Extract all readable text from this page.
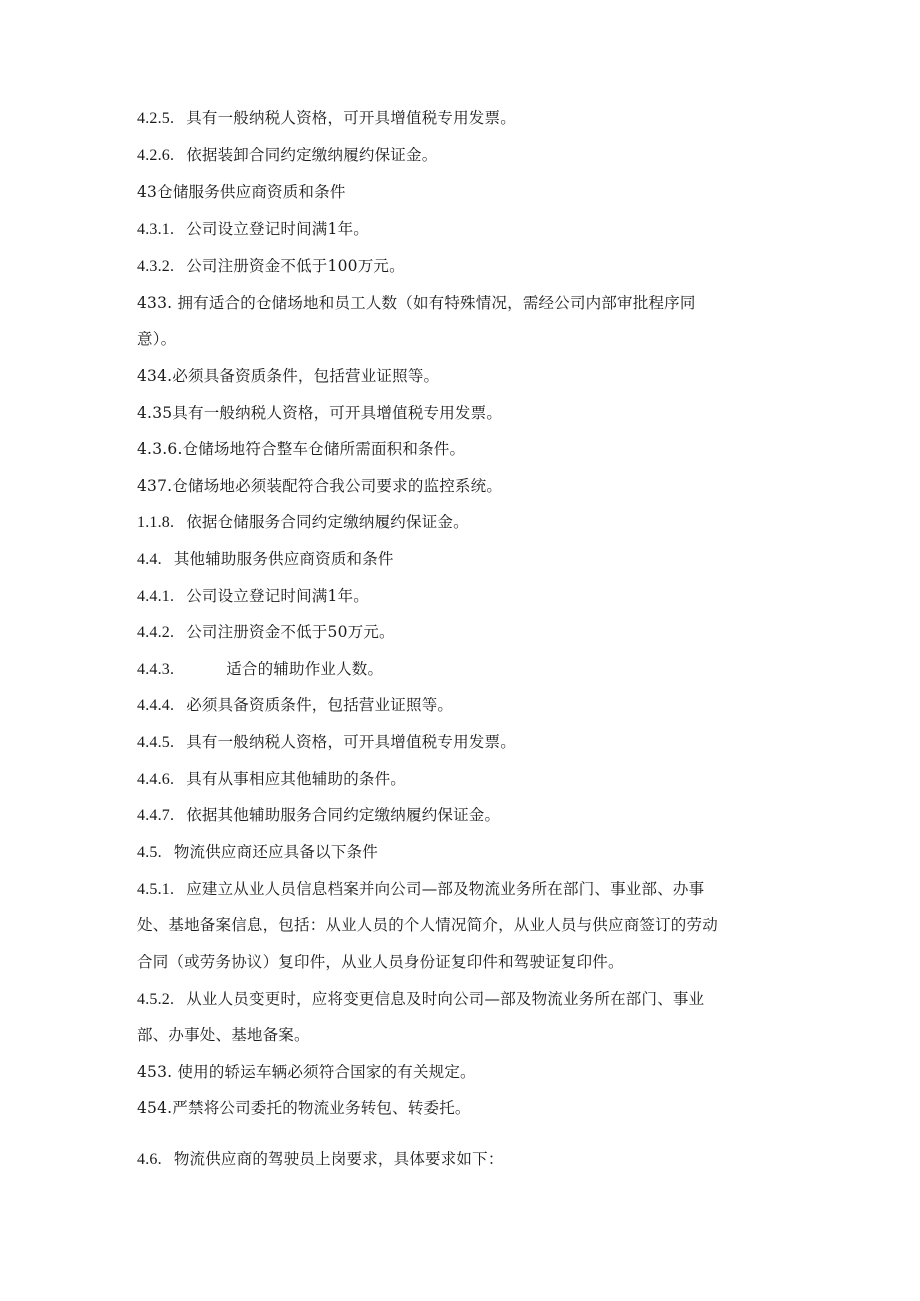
4.2.5. 具有一般纳税人资格，可开具增值税专用发票。
4.2.6. 依据装卸合同约定缴纳履约保证金。
43仓储服务供应商资质和条件
4.3.1. 公司设立登记时间满1年。
4.3.2. 公司注册资金不低于100万元。
433. 拥有适合的仓储场地和员工人数（如有特殊情况，需经公司内部审批程序同
意）。
434.必须具备资质条件，包括营业证照等。
4.35具有一般纳税人资格，可开具增值税专用发票。
4.3.6.仓储场地符合整车仓储所需面积和条件。
437.仓储场地必须装配符合我公司要求的监控系统。
1.1.8. 依据仓储服务合同约定缴纳履约保证金。
4.4. 其他辅助服务供应商资质和条件
4.4.1. 公司设立登记时间满1年。
4.4.2. 公司注册资金不低于50万元。
4.4.3.	适合的辅助作业人数。
4.4.4. 必须具备资质条件，包括营业证照等。
4.4.5. 具有一般纳税人资格，可开具增值税专用发票。
4.4.6. 具有从事相应其他辅助的条件。
4.4.7. 依据其他辅助服务合同约定缴纳履约保证金。
4.5. 物流供应商还应具备以下条件
4.5.1. 应建立从业人员信息档案并向公司—部及物流业务所在部门、事业部、办事
处、基地备案信息，包括：从业人员的个人情况简介，从业人员与供应商签订的劳动
合同（或劳务协议）复印件，从业人员身份证复印件和驾驶证复印件。
4.5.2. 从业人员变更时，应将变更信息及时向公司—部及物流业务所在部门、事业
部、办事处、基地备案。
453. 使用的轿运车辆必须符合国家的有关规定。
454.严禁将公司委托的物流业务转包、转委托。
4.6. 物流供应商的驾驶员上岗要求，具体要求如下：
